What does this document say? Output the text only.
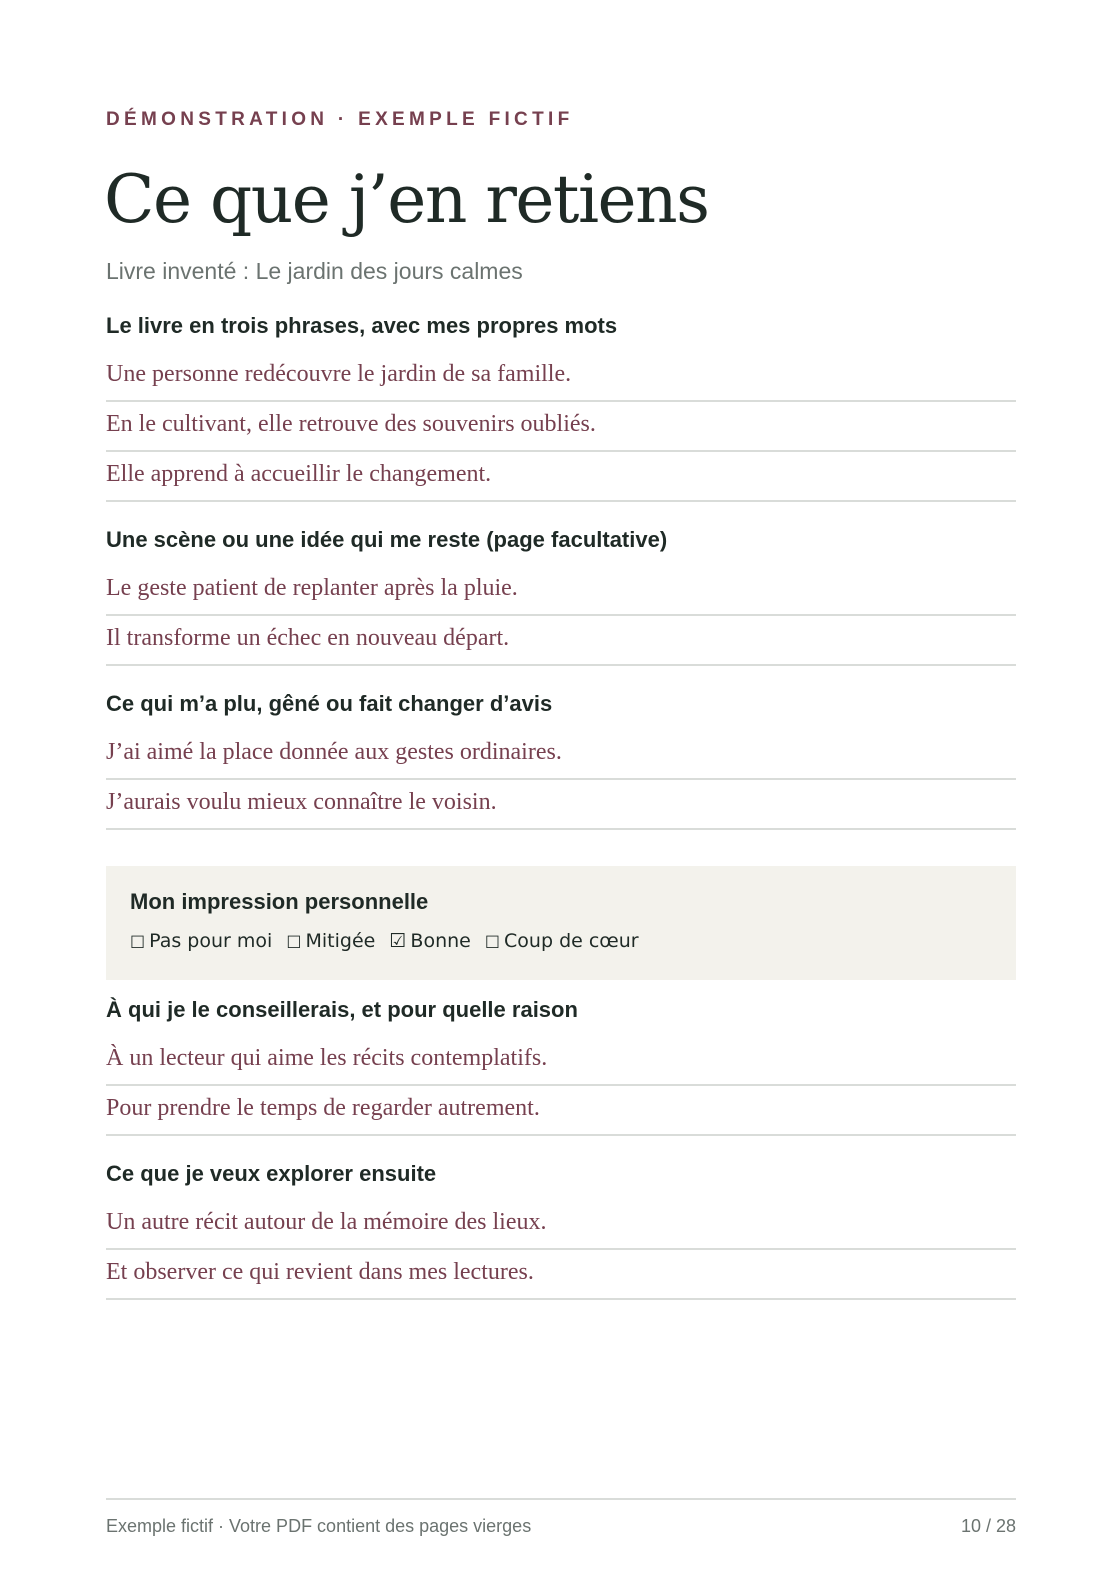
DÉMONSTRATION · EXEMPLE FICTIF
Ce que j’en retiens
Livre inventé : Le jardin des jours calmes
Le livre en trois phrases, avec mes propres mots
Une personne redécouvre le jardin de sa famille.
En le cultivant, elle retrouve des souvenirs oubliés.
Elle apprend à accueillir le changement.
Une scène ou une idée qui me reste (page facultative)
Le geste patient de replanter après la pluie.
Il transforme un échec en nouveau départ.
Ce qui m’a plu, gêné ou fait changer d’avis
J’ai aimé la place donnée aux gestes ordinaires.
J’aurais voulu mieux connaître le voisin.
Mon impression personnelle
□ Pas pour moi □ Mitigée ☑ Bonne □ Coup de cœur
À qui je le conseillerais, et pour quelle raison
À un lecteur qui aime les récits contemplatifs.
Pour prendre le temps de regarder autrement.
Ce que je veux explorer ensuite
Un autre récit autour de la mémoire des lieux.
Et observer ce qui revient dans mes lectures.
Exemple fictif · Votre PDF contient des pages vierges	10 / 28
